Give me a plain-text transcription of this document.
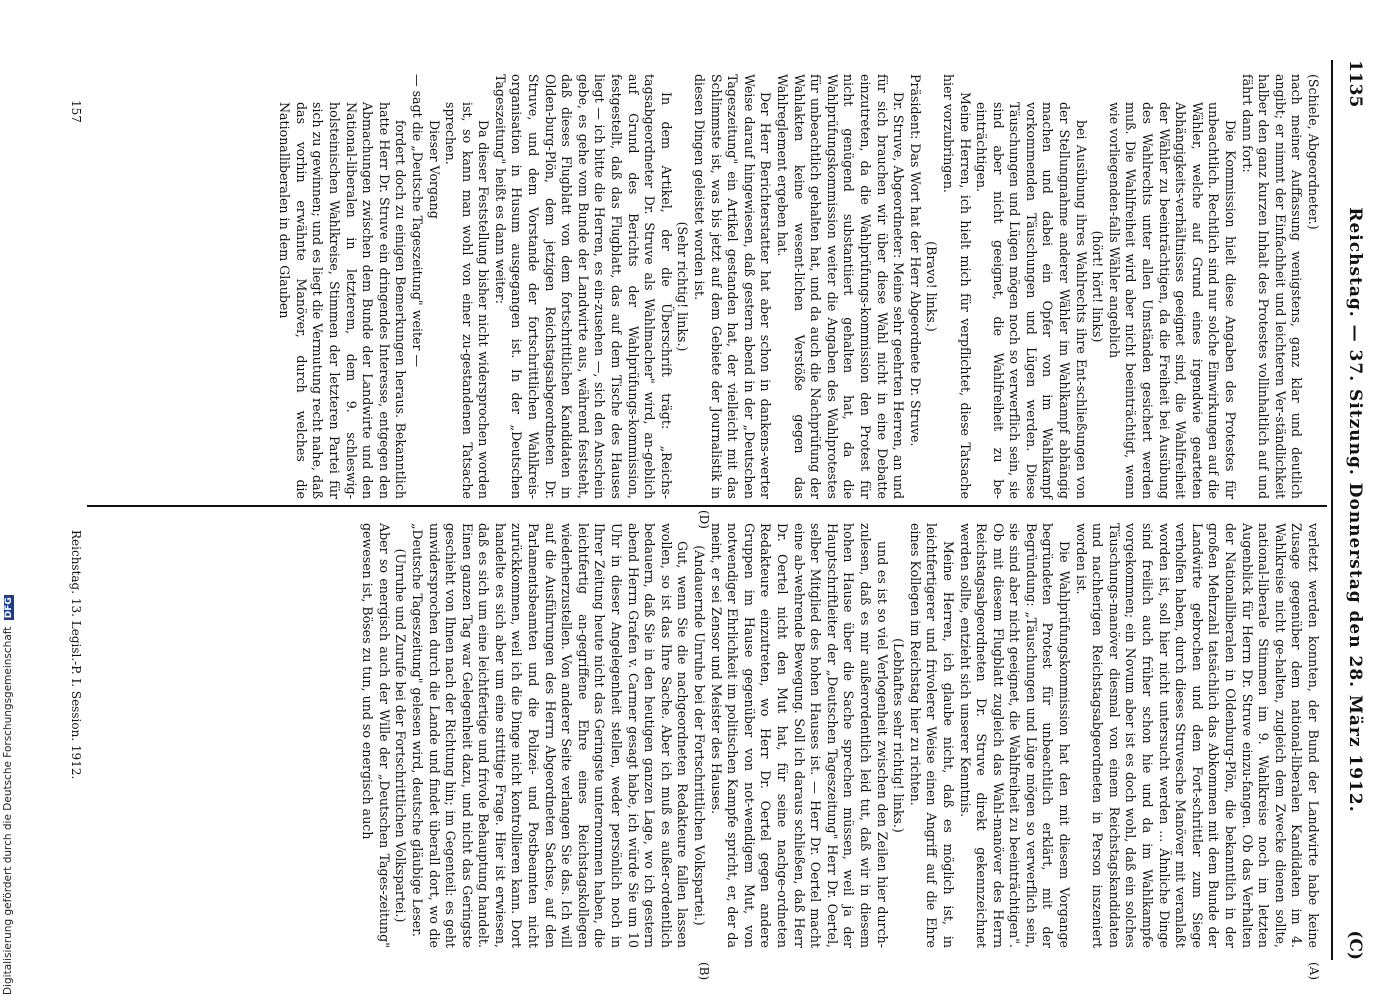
1135
Reichstag. — 37. Sitzung. Donnerstag den 28. März 1912.
(C)

(Schiele, Abgeordneter.)

nach meiner Auffassung wenigstens, ganz klar und deutlich angibt; er nimmt der Einfachheit und leichteren Ver-ständlichkeit halber den ganz kurzen Inhalt des Protestes vollinhaltlich auf und fährt dann fort:

Die Kommission hielt diese Angaben des Protestes für unbeachtlich. Rechtlich sind nur solche Einwirkungen auf die Wähler, welche auf Grund eines irgendwie gearteten Abhängigkeits-verhältnisses geeignet sind, die Wahlfreiheit der Wähler zu beeinträchtigen, da die Freiheit bei Ausübung des Wahlrechts unter allen Umständen gesichert werden muß. Die Wahlfreiheit wird aber nicht beeinträchtigt, wenn wie vorliegenden-falls Wähler angeblich

(hört! hört! links)

bei Ausübung ihres Wahlrechts ihre Ent-schließungen von der Stellungnahme anderer Wähler im Wahlkampf abhängig machen und dabei ein Opfer von im Wahlkampf vorkommenden Täuschungen und Lügen werden. Diese Täuschungen und Lügen mögen noch so verwerflich sein, sie sind aber nicht geeignet, die Wahlfreiheit zu be-einträchtigen.

Meine Herren, ich hielt mich für verpflichtet, diese Tatsache hier vorzubringen.

(Bravo! links.)

Präsident: Das Wort hat der Herr Abgeordnete Dr. Struve.

Dr. Struve, Abgeordneter: Meine sehr geehrten Herren, an und für sich brauchen wir über diese Wahl nicht in eine Debatte einzutreten, da die Wahlprüfungs-kommission den Protest für nicht genügend substantiiert gehalten hat, da die Wahlprüfungskommission weiter die Angaben des Wahlprotestes für unbeachtlich gehalten hat, und da auch die Nachprüfung der Wahlakten keine wesent-lichen Verstöße gegen das Wahlreglement ergeben hat.

Der Herr Berichterstatter hat aber schon in dankens-werter Weise darauf hingewiesen, daß gestern abend in der „Deutschen Tageszeitung" ein Artikel gestanden hat, der vielleicht mit das Schlimmste ist, was bis jetzt auf dem Gebiete der Journalistik in diesen Dingen geleistet worden ist.

(Sehr richtig! links.)

In dem Artikel, der die Überschrift trägt: „Reichs-tagsabgeordneter Dr. Struve als Wahlmacher" wird, an-geblich auf Grund des Berichts der Wahlprüfungs-kommission, festgestellt, daß das Flugblatt, das auf dem Tische des Hauses liegt — ich bitte die Herren, es ein-zusehen —, sich den Anschein gebe, es gehe vom Bunde der Landwirte aus, während feststeht, daß dieses Flugblatt von dem fortschrittlichen Kandidaten in Olden-burg-Plön, dem jetzigen Reichstagsabgeordneten Dr. Struve, und dem Vorstande der fortschrittlichen Wahlkreis-organisation in Husum ausgegangen ist. In der „Deutschen Tageszeitung" heißt es dann weiter:

Da dieser Feststellung bisher nicht widersprochen worden ist, so kann man wohl von einer zu-gestandenen Tatsache sprechen.

Dieser Vorgang

— sagt die „Deutsche Tageszeitung" weiter —

fordert doch zu einigen Bemerkungen heraus. Bekanntlich hatte Herr Dr. Struve ein dringendes Interesse, entgegen den Abmachungen zwischen dem Bunde der Landwirte und den National-liberalen in letzterem, dem 9. schleswig-holsteinischen Wahlkreise, Stimmen der letzteren Partei für sich zu gewinnen; und es liegt die Vermutung recht nahe, daß das vorhin erwähnte Manöver, durch welches die Nationalliberalen in dem Glauben

verletzt werden konnten, der Bund der Landwirte habe keine Zusage gegenüber dem national-liberalen Kandidaten im 4. Wahlkreise nicht ge-halten, zugleich dem Zwecke dienen sollte, national-liberale Stimmen im 9. Wahlkreise noch im letzten Augenblick für Herrn Dr. Struve einzu-fangen. Ob das Verhalten der Nationalliberalen in Oldenburg-Plön, die bekanntlich in der großen Mehrzahl tatsächlich das Abkommen mit dem Bunde der Landwirte gebrochen und dem Fort-schrittler zum Siege verholfen haben, durch dieses Struvesche Manöver mit veranlaßt worden ist, soll hier nicht untersucht werden ... Ähnliche Dinge sind freilich auch früher schon hie und da im Wahlkampfe vorgekommen; ein Novum aber ist es doch wohl, daß ein solches Täuschungs-manöver diesmal von einem Reichstagskandidaten und nachherigen Reichstagsabgeordneten in Person inszeniert worden ist.

Die Wahlprüfungskommission hat den mit diesem Vorgange begründeten Protest für unbeachtlich erklärt, mit der Begründung: „Täuschungen und Lüge mögen so verwerflich sein, sie sind aber nicht geeignet, die Wahlfreiheit zu beeinträchtigen". Ob mit diesem Flugblatt zugleich das Wahl-manöver des Herrn Reichstagsabgeordneten Dr. Struve direkt gekennzeichnet werden sollte, entzieht sich unserer Kenntnis.

Meine Herren, ich glaube nicht, daß es möglich ist, in leichtfertigerer und frivolerer Weise einen Angriff auf die Ehre eines Kollegen im Reichstag hier zu richten.

(Lebhaftes sehr richtig! links.)

und es ist so viel Verlogenheit zwischen den Zeilen hier durch-zulesen, daß es mir außerordentlich leid tut, daß wir in diesem hohen Hause über die Sache sprechen müssen, weil ja der Hauptschriftleiter der „Deutschen Tageszeitung" Herr Dr. Oertel, selber Mitglied des hohen Hauses ist. — Herr Dr. Oertel macht eine ab-wehrende Bewegung. Soll ich daraus schließen, daß Herr Dr. Oertel nicht den Mut hat, für seine nachge-ordneten Redakteure einzutreten, wo Herr Dr. Oertel gegen andere Gruppen im Hause gegenüber von not-wendigem Mut, von notwendiger Ehrlichkeit im politischen Kampfe spricht, er, der da meint, er sei Zensor und Meister des Hauses.

(Andauernde Unruhe bei der Fortschrittlichen Volkspartei.)

Gut, wenn Sie die nachgeordneten Redakteure fallen lassen wollen, so ist das Ihre Sache. Aber ich muß es außer-ordentlich bedauern, daß Sie in den heutigen ganzen Lage, wo ich gestern abend Herrn Grafen v. Carmer gesagt habe, ich würde Sie um 10 Uhr in dieser Angelegenheit stellen, weder persönlich noch in Ihrer Zeitung heute nicht das Geringste unternommen haben, die leichtfertig an-gegriffene Ehre eines Reichstagskollegen wiederherzustellen. Von anderer Seite verlangen Sie das. Ich will auf die Ausführungen des Herrn Abgeordneten Sachse, auf den Parlamentsbeamten und die Polizei- und Postbeamten nicht zurückkommen, weil ich die Dinge nicht kontrollieren kann. Dort handelte es sich aber um eine strittige Frage. Hier ist erwiesen, daß es sich um eine leichtfertige und frivole Behauptung handelt. Einen ganzen Tag war Gelegenheit dazu, und nicht das Geringste geschieht von Ihnen nach der Richtung hin; im Gegenteil: es geht unwidersprochen durch die Lande und findet überall dort, wo die „Deutsche Tageszeitung" gelesen wird, deutsche gläubige Leser.

(Unruhe und Zurufe bei der Fortschrittlichen Volkspartei.)

Aber so energisch auch der Wille der „Deutschen Tages-zeitung" gewesen ist, Böses zu tun, und so energisch auch

(A)
(B)
(D)
Reichstag. 13. Legisl.-P. I. Session. 1912.
157
Digitalisierung gefördert durch die Deutsche Forschungsgemeinschaft DFG
